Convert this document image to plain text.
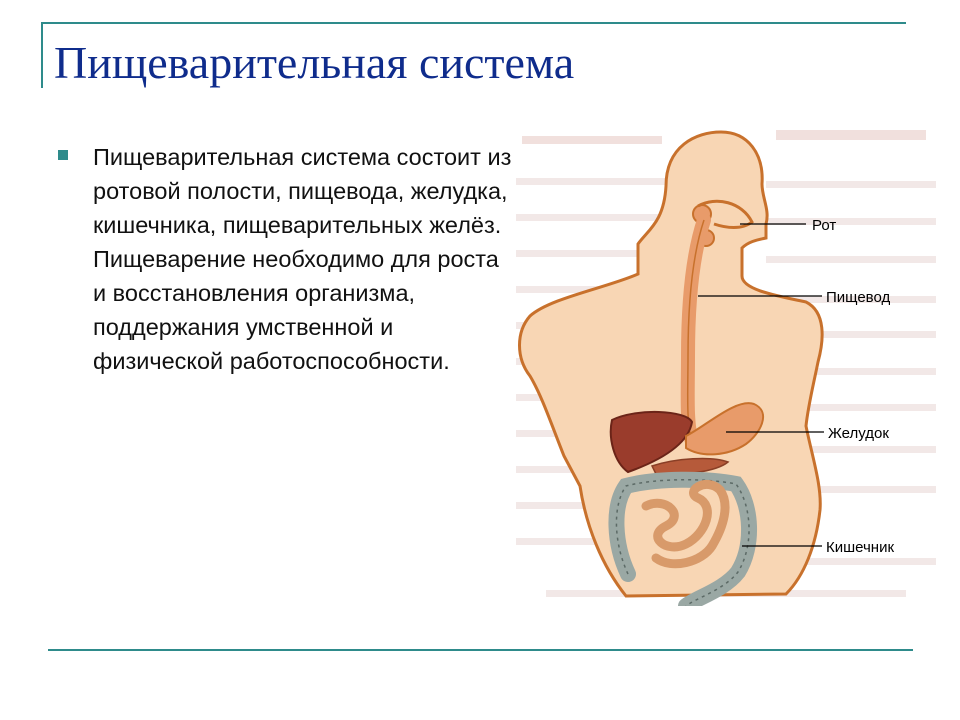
Пищеварительная система

Пищеварительная система состоит из ротовой полости, пищевода, желудка, кишечника, пищеварительных желёз. Пищеварение необходимо для роста и восстановления организма, поддержания умственной и физической работоспособности.

Рот
Пищевод
Желудок
Кишечник
